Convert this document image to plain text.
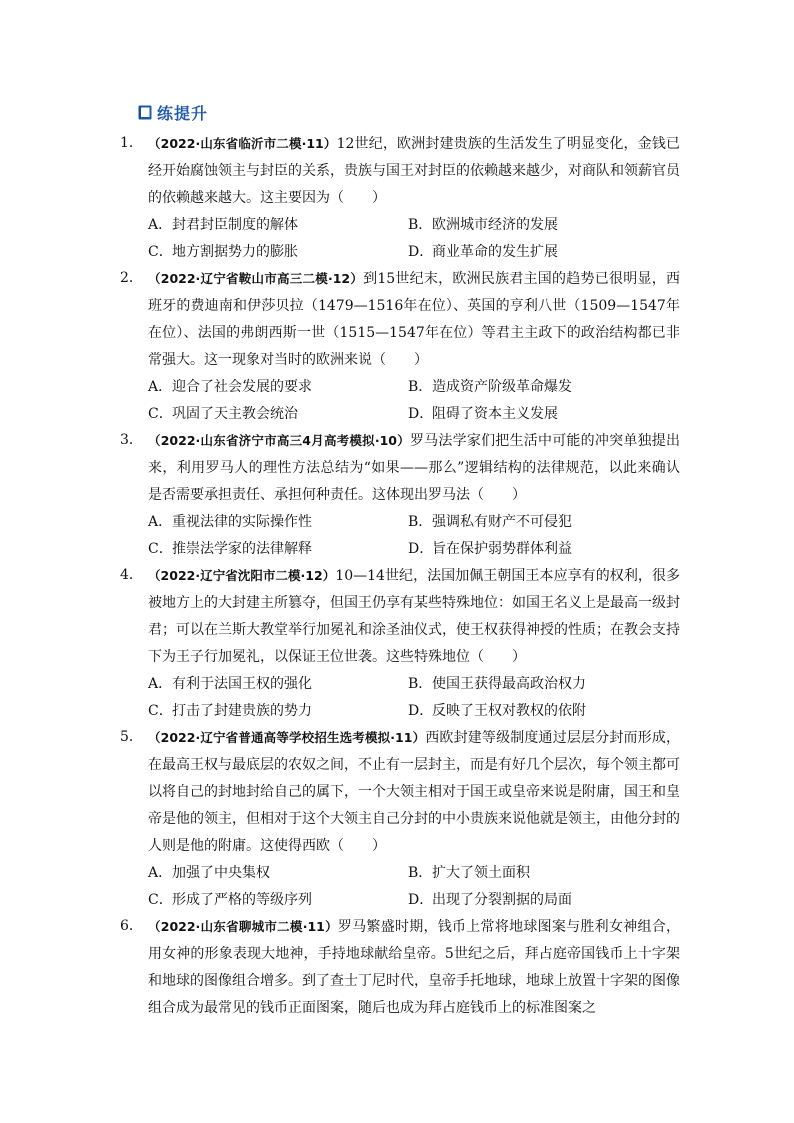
练提升
1． （2022·山东省临沂市二模·11）12世纪，欧洲封建贵族的生活发生了明显变化，金钱已经开始腐蚀领主与封臣的关系，贵族与国王对封臣的依赖越来越少，对商队和领薪官员的依赖越来越大。这主要因为（　　）
A．封君封臣制度的解体	B．欧洲城市经济的发展
C．地方割据势力的膨胀	D．商业革命的发生扩展
2． （2022·辽宁省鞍山市高三二模·12）到15世纪末，欧洲民族君主国的趋势已很明显，西班牙的费迪南和伊莎贝拉（1479—1516年在位）、英国的亨利八世（1509—1547年在位）、法国的弗朗西斯一世（1515—1547年在位）等君主主政下的政治结构都已非常强大。这一现象对当时的欧洲来说（　　）
A．迎合了社会发展的要求	B．造成资产阶级革命爆发
C．巩固了天主教会统治	D．阻碍了资本主义发展
3． （2022·山东省济宁市高三4月高考模拟·10）罗马法学家们把生活中可能的冲突单独提出来，利用罗马人的理性方法总结为“如果——那么”逻辑结构的法律规范，以此来确认是否需要承担责任、承担何种责任。这体现出罗马法（　　）
A．重视法律的实际操作性	B．强调私有财产不可侵犯
C．推崇法学家的法律解释	D．旨在保护弱势群体利益
4． （2022·辽宁省沈阳市二模·12）10—14世纪，法国加佩王朝国王本应享有的权利，很多被地方上的大封建主所篡夺，但国王仍享有某些特殊地位：如国王名义上是最高一级封君；可以在兰斯大教堂举行加冕礼和涂圣油仪式，使王权获得神授的性质；在教会支持下为王子行加冕礼，以保证王位世袭。这些特殊地位（　　）
A．有利于法国王权的强化	B．使国王获得最高政治权力
C．打击了封建贵族的势力	D．反映了王权对教权的依附
5． （2022·辽宁省普通高等学校招生选考模拟·11）西欧封建等级制度通过层层分封而形成，在最高王权与最底层的农奴之间，不止有一层封主，而是有好几个层次，每个领主都可以将自己的封地封给自己的属下，一个大领主相对于国王或皇帝来说是附庸，国王和皇帝是他的领主，但相对于这个大领主自己分封的中小贵族来说他就是领主，由他分封的人则是他的附庸。这使得西欧（　　）
A．加强了中央集权	B．扩大了领土面积
C．形成了严格的等级序列	D．出现了分裂割据的局面
6． （2022·山东省聊城市二模·11）罗马繁盛时期，钱币上常将地球图案与胜利女神组合，用女神的形象表现大地神，手持地球献给皇帝。5世纪之后，拜占庭帝国钱币上十字架和地球的图像组合增多。到了查士丁尼时代，皇帝手托地球，地球上放置十字架的图像组合成为最常见的钱币正面图案，随后也成为拜占庭钱币上的标准图案之
